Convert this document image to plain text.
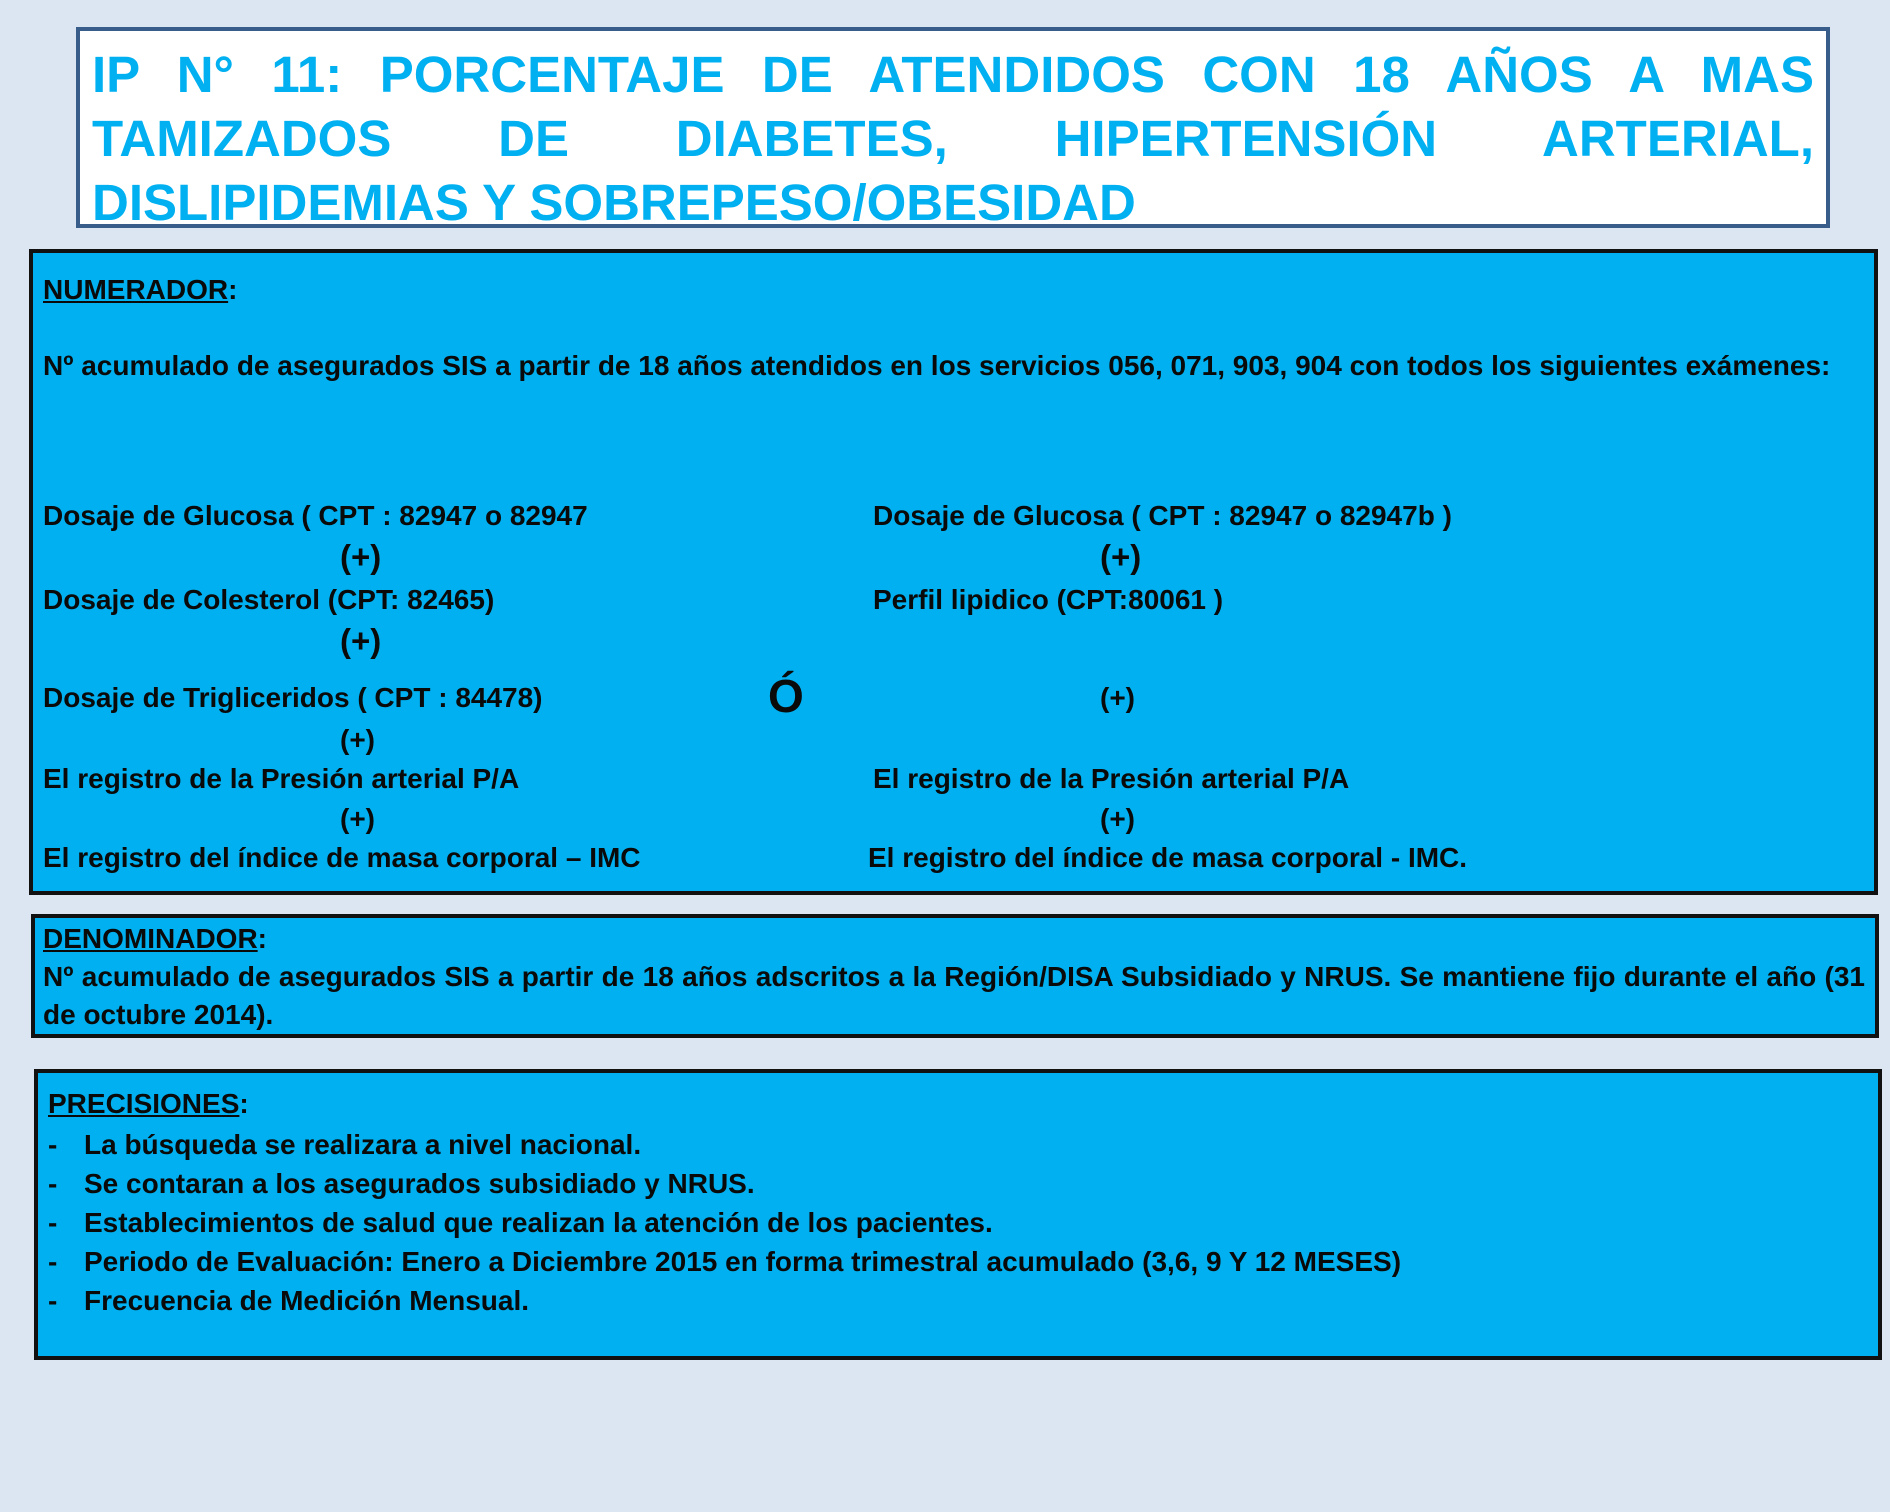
IP N° 11: PORCENTAJE DE ATENDIDOS CON 18 AÑOS A MAS TAMIZADOS DE DIABETES, HIPERTENSIÓN ARTERIAL, DISLIPIDEMIAS Y SOBREPESO/OBESIDAD
NUMERADOR:
Nº acumulado de asegurados SIS a partir de 18 años atendidos en los servicios 056, 071, 903, 904 con todos los siguientes exámenes:
Dosaje de Glucosa ( CPT : 82947 o 82947
(+)
Dosaje de Colesterol (CPT: 82465)
(+)
Dosaje de Trigliceridos ( CPT : 84478)
(+)
El registro de la Presión arterial P/A
(+)
El registro del índice de masa corporal – IMC
Ó
Dosaje de Glucosa ( CPT : 82947 o 82947b )
(+)
Perfil lipidico (CPT:80061 )
(+)
El registro de la Presión arterial P/A
(+)
El registro del índice de masa corporal - IMC.
DENOMINADOR:
Nº acumulado de asegurados SIS a partir de 18 años adscritos a la Región/DISA Subsidiado y NRUS. Se mantiene fijo durante el año (31 de octubre 2014).
PRECISIONES:
- La búsqueda se realizara a nivel nacional.
- Se contaran a los asegurados subsidiado y NRUS.
- Establecimientos de salud que realizan la atención de los pacientes.
- Periodo de Evaluación: Enero a Diciembre 2015 en forma trimestral acumulado (3,6, 9 Y 12 MESES)
- Frecuencia de Medición Mensual.
